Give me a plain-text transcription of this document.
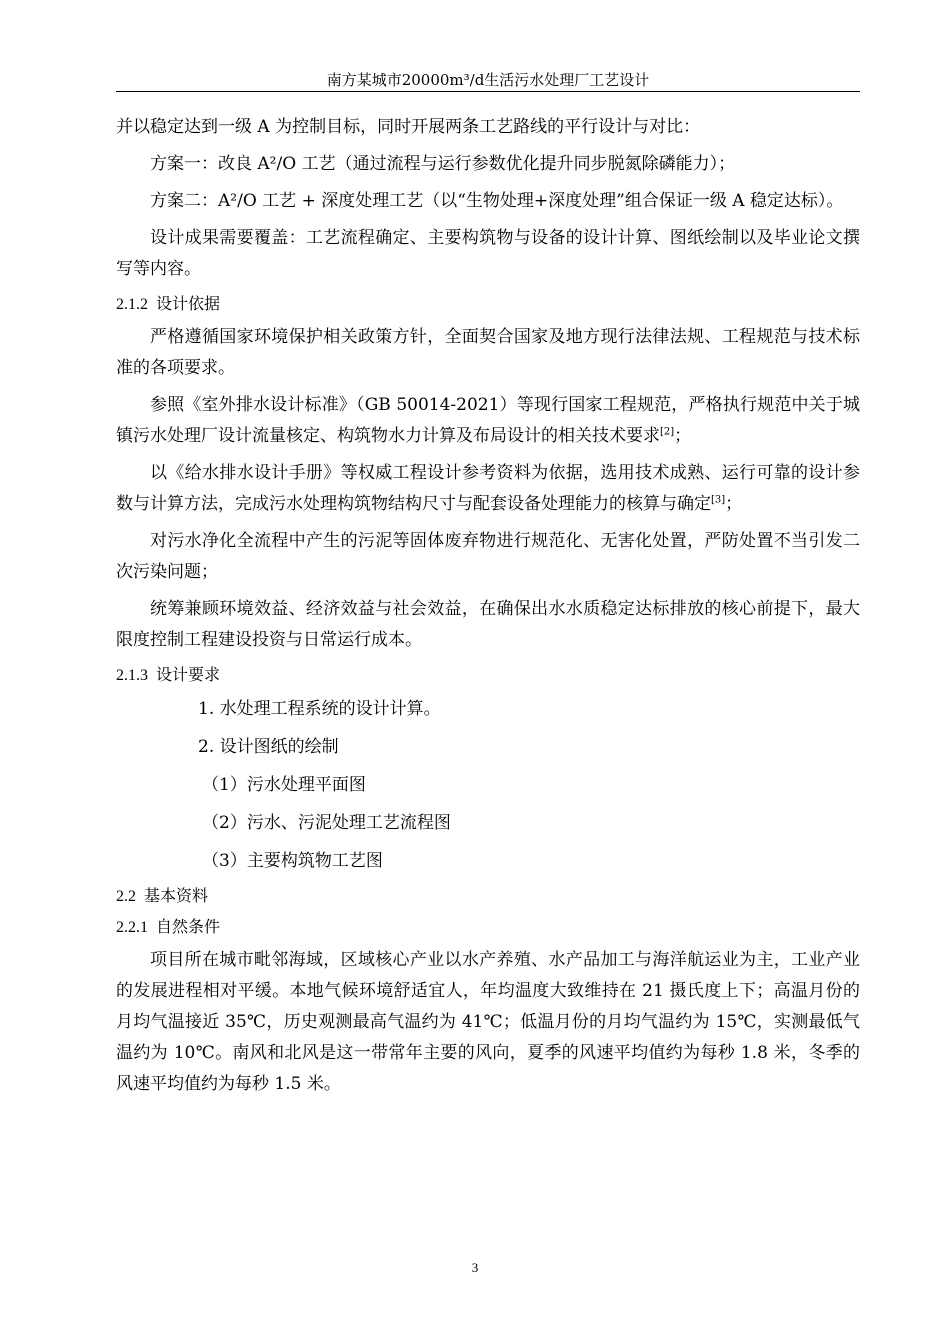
南方某城市20000m³/d生活污水处理厂工艺设计

并以稳定达到一级 A 为控制目标，同时开展两条工艺路线的平行设计与对比：

方案一：改良 A²/O 工艺（通过流程与运行参数优化提升同步脱氮除磷能力）；

方案二：A²/O 工艺 + 深度处理工艺（以“生物处理+深度处理”组合保证一级 A 稳定达标）。

设计成果需要覆盖：工艺流程确定、主要构筑物与设备的设计计算、图纸绘制以及毕业论文撰写等内容。

2.1.2 设计依据

严格遵循国家环境保护相关政策方针，全面契合国家及地方现行法律法规、工程规范与技术标准的各项要求。

参照《室外排水设计标准》（GB 50014-2021）等现行国家工程规范，严格执行规范中关于城镇污水处理厂设计流量核定、构筑物水力计算及布局设计的相关技术要求[2]；

以《给水排水设计手册》等权威工程设计参考资料为依据，选用技术成熟、运行可靠的设计参数与计算方法，完成污水处理构筑物结构尺寸与配套设备处理能力的核算与确定[3]；

对污水净化全流程中产生的污泥等固体废弃物进行规范化、无害化处置，严防处置不当引发二次污染问题；

统筹兼顾环境效益、经济效益与社会效益，在确保出水水质稳定达标排放的核心前提下，最大限度控制工程建设投资与日常运行成本。

2.1.3 设计要求
1. 水处理工程系统的设计计算。
2. 设计图纸的绘制
（1）污水处理平面图
（2）污水、污泥处理工艺流程图
（3）主要构筑物工艺图
2.2 基本资料
2.2.1 自然条件

项目所在城市毗邻海域，区域核心产业以水产养殖、水产品加工与海洋航运业为主，工业产业的发展进程相对平缓。本地气候环境舒适宜人，年均温度大致维持在 21 摄氏度上下；高温月份的月均气温接近 35℃，历史观测最高气温约为 41℃；低温月份的月均气温约为 15℃，实测最低气温约为 10℃。南风和北风是这一带常年主要的风向，夏季的风速平均值约为每秒 1.8 米，冬季的风速平均值约为每秒 1.5 米。

3
